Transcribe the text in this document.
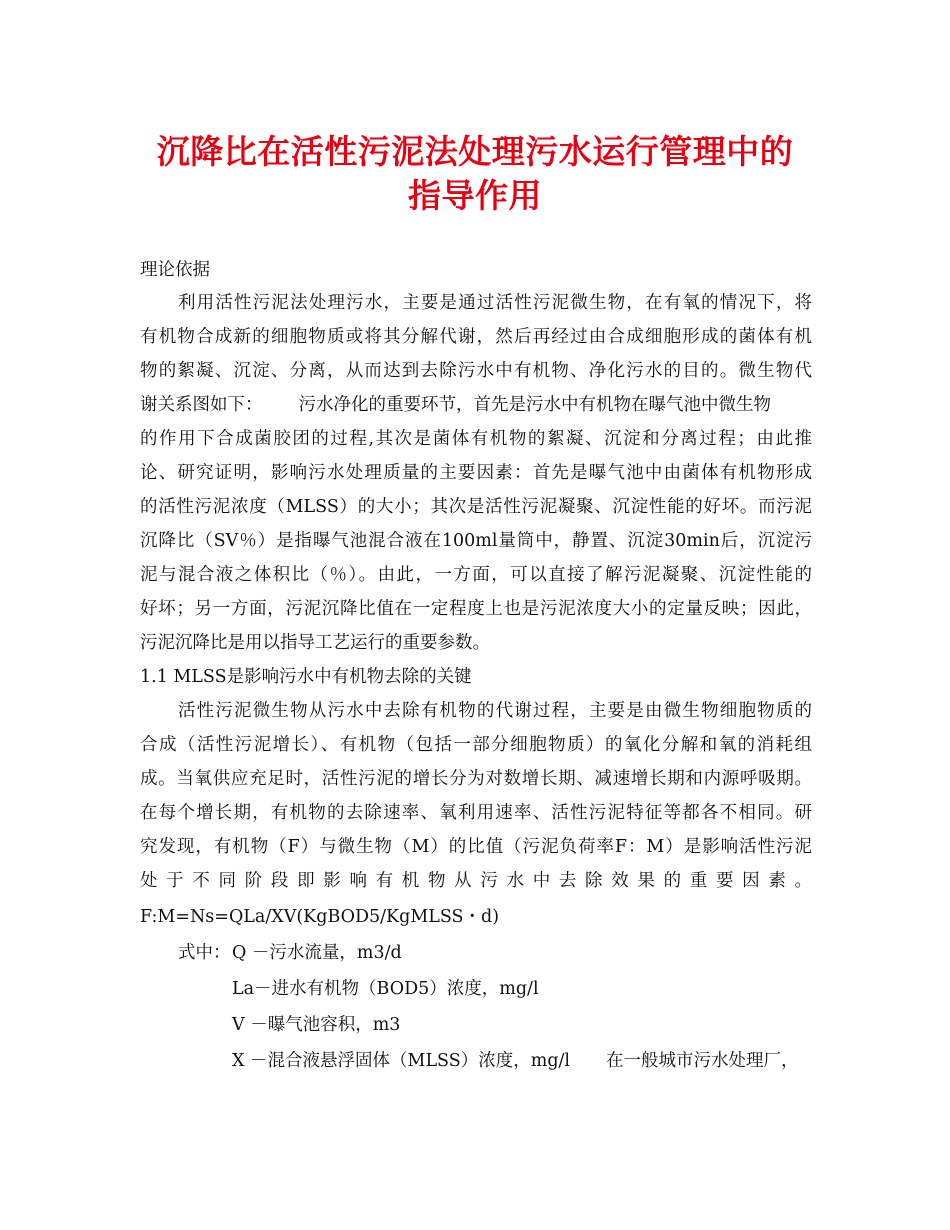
沉降比在活性污泥法处理污水运行管理中的
指导作用
理论依据
利用活性污泥法处理污水，主要是通过活性污泥微生物，在有氧的情况下，将
有机物合成新的细胞物质或将其分解代谢，然后再经过由合成细胞形成的菌体有机
物的絮凝、沉淀、分离，从而达到去除污水中有机物、净化污水的目的。微生物代
谢关系图如下： 污水净化的重要环节，首先是污水中有机物在曝气池中微生物
的作用下合成菌胶团的过程,其次是菌体有机物的絮凝、沉淀和分离过程；由此推
论、研究证明，影响污水处理质量的主要因素：首先是曝气池中由菌体有机物形成
的活性污泥浓度（MLSS）的大小；其次是活性污泥凝聚、沉淀性能的好坏。而污泥
沉降比（SV％）是指曝气池混合液在100ml量筒中，静置、沉淀30min后，沉淀污
泥与混合液之体积比（％）。由此，一方面，可以直接了解污泥凝聚、沉淀性能的
好坏；另一方面，污泥沉降比值在一定程度上也是污泥浓度大小的定量反映；因此，
污泥沉降比是用以指导工艺运行的重要参数。
1.1 MLSS是影响污水中有机物去除的关键
活性污泥微生物从污水中去除有机物的代谢过程，主要是由微生物细胞物质的
合成（活性污泥增长）、有机物（包括一部分细胞物质）的氧化分解和氧的消耗组
成。当氧供应充足时，活性污泥的增长分为对数增长期、减速增长期和内源呼吸期。
在每个增长期，有机物的去除速率、氧利用速率、活性污泥特征等都各不相同。研
究发现，有机物（F）与微生物（M）的比值（污泥负荷率F：M）是影响活性污泥
处于不同阶段即影响有机物从污水中去除效果的重要因素。
F:M=Ns=QLa/XV(KgBOD5/KgMLSS・d)
式中： Q －污水流量，m3/d
La－进水有机物（BOD5）浓度，mg/l
V －曝气池容积，m3
X －混合液悬浮固体（MLSS）浓度，mg/l 在一般城市污水处理厂，
